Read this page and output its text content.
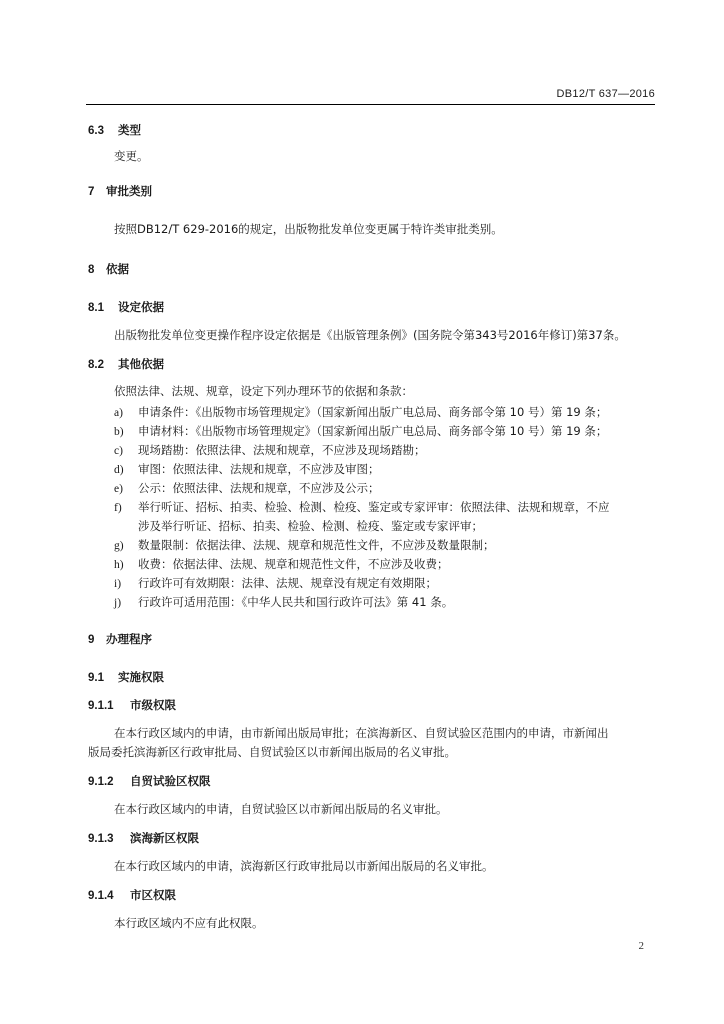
DB12/T 637—2016
6.3 类型
变更。
7 审批类别
按照DB12/T 629-2016的规定，出版物批发单位变更属于特许类审批类别。
8 依据
8.1 设定依据
出版物批发单位变更操作程序设定依据是《出版管理条例》(国务院令第343号2016年修订)第37条。
8.2 其他依据
依照法律、法规、规章，设定下列办理环节的依据和条款：
a) 申请条件：《出版物市场管理规定》（国家新闻出版广电总局、商务部令第 10 号）第 19 条；
b) 申请材料：《出版物市场管理规定》（国家新闻出版广电总局、商务部令第 10 号）第 19 条；
c) 现场踏勘：依照法律、法规和规章，不应涉及现场踏勘；
d) 审图：依照法律、法规和规章，不应涉及审图；
e) 公示：依照法律、法规和规章，不应涉及公示；
f) 举行听证、招标、拍卖、检验、检测、检疫、鉴定或专家评审：依照法律、法规和规章，不应
涉及举行听证、招标、拍卖、检验、检测、检疫、鉴定或专家评审；
g) 数量限制：依据法律、法规、规章和规范性文件，不应涉及数量限制；
h) 收费：依据法律、法规、规章和规范性文件，不应涉及收费；
i) 行政许可有效期限：法律、法规、规章没有规定有效期限；
j) 行政许可适用范围：《中华人民共和国行政许可法》第 41 条。
9 办理程序
9.1 实施权限
9.1.1 市级权限
在本行政区域内的申请，由市新闻出版局审批；在滨海新区、自贸试验区范围内的申请，市新闻出
版局委托滨海新区行政审批局、自贸试验区以市新闻出版局的名义审批。
9.1.2 自贸试验区权限
在本行政区域内的申请，自贸试验区以市新闻出版局的名义审批。
9.1.3 滨海新区权限
在本行政区域内的申请，滨海新区行政审批局以市新闻出版局的名义审批。
9.1.4 市区权限
本行政区域内不应有此权限。
2
